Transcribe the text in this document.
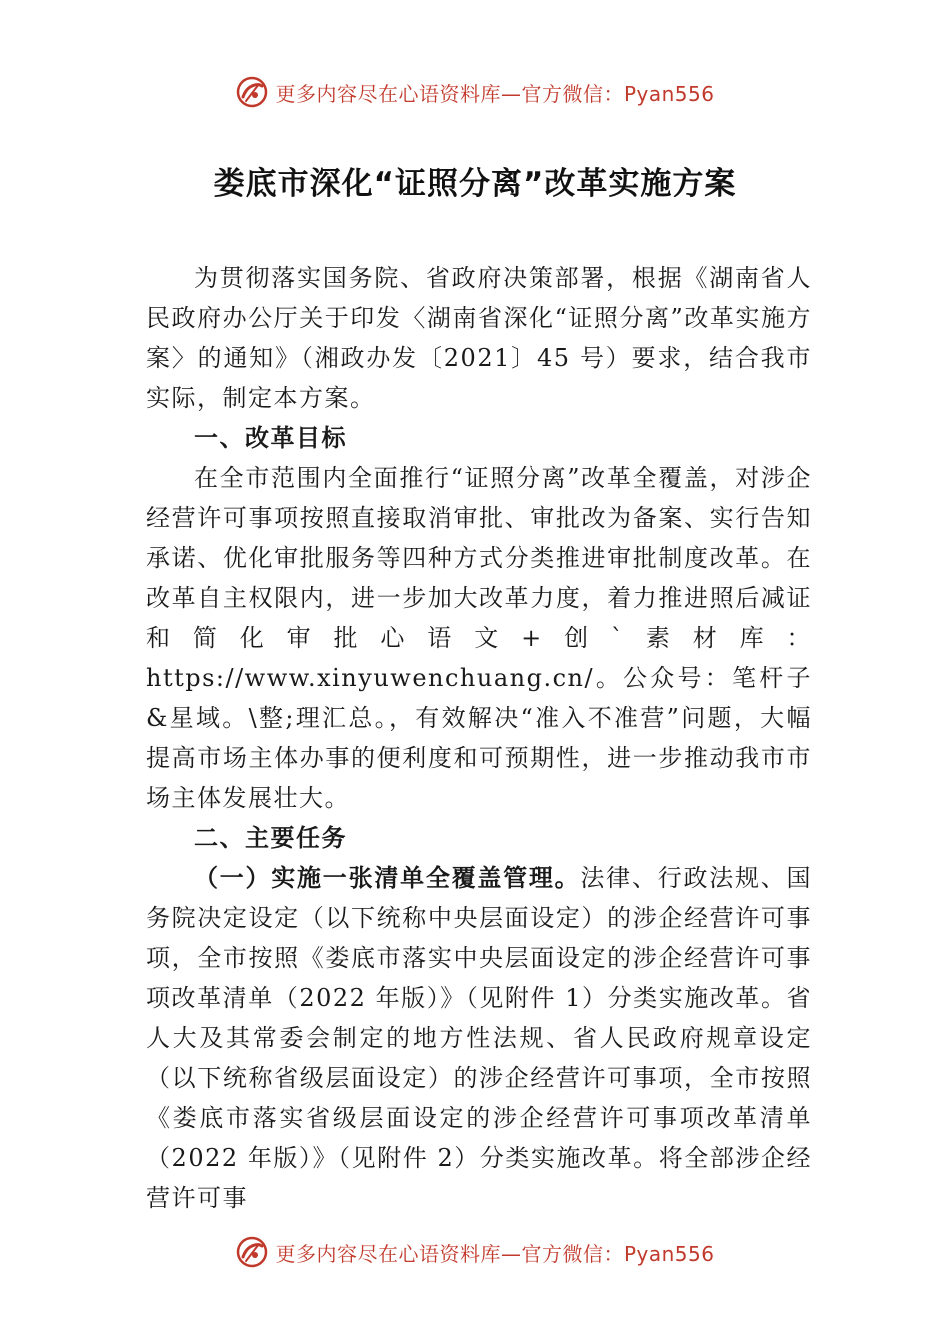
更多内容尽在心语资料库—官方微信：Pyan556
娄底市深化“证照分离”改革实施方案

为贯彻落实国务院、省政府决策部署，根据《湖南省人民政府办公厅关于印发〈湖南省深化“证照分离”改革实施方案〉的通知》（湘政办发〔2021〕45 号）要求，结合我市实际，制定本方案。

一、改革目标

在全市范围内全面推行“证照分离”改革全覆盖，对涉企经营许可事项按照直接取消审批、审批改为备案、实行告知承诺、优化审批服务等四种方式分类推进审批制度改革。在改革自主权限内，进一步加大改革力度，着力推进照后减证和简化审批心语文+创`素材库：https://www.xinyuwenchuang.cn/。公众号：笔杆子&星域。\整;理汇总。，有效解决“准入不准营”问题，大幅提高市场主体办事的便利度和可预期性，进一步推动我市市场主体发展壮大。

二、主要任务

（一）实施一张清单全覆盖管理。法律、行政法规、国务院决定设定（以下统称中央层面设定）的涉企经营许可事项，全市按照《娄底市落实中央层面设定的涉企经营许可事项改革清单（2022 年版）》（见附件 1）分类实施改革。省人大及其常委会制定的地方性法规、省人民政府规章设定（以下统称省级层面设定）的涉企经营许可事项，全市按照《娄底市落实省级层面设定的涉企经营许可事项改革清单（2022 年版）》（见附件 2）分类实施改革。将全部涉企经营许可事

更多内容尽在心语资料库—官方微信：Pyan556
